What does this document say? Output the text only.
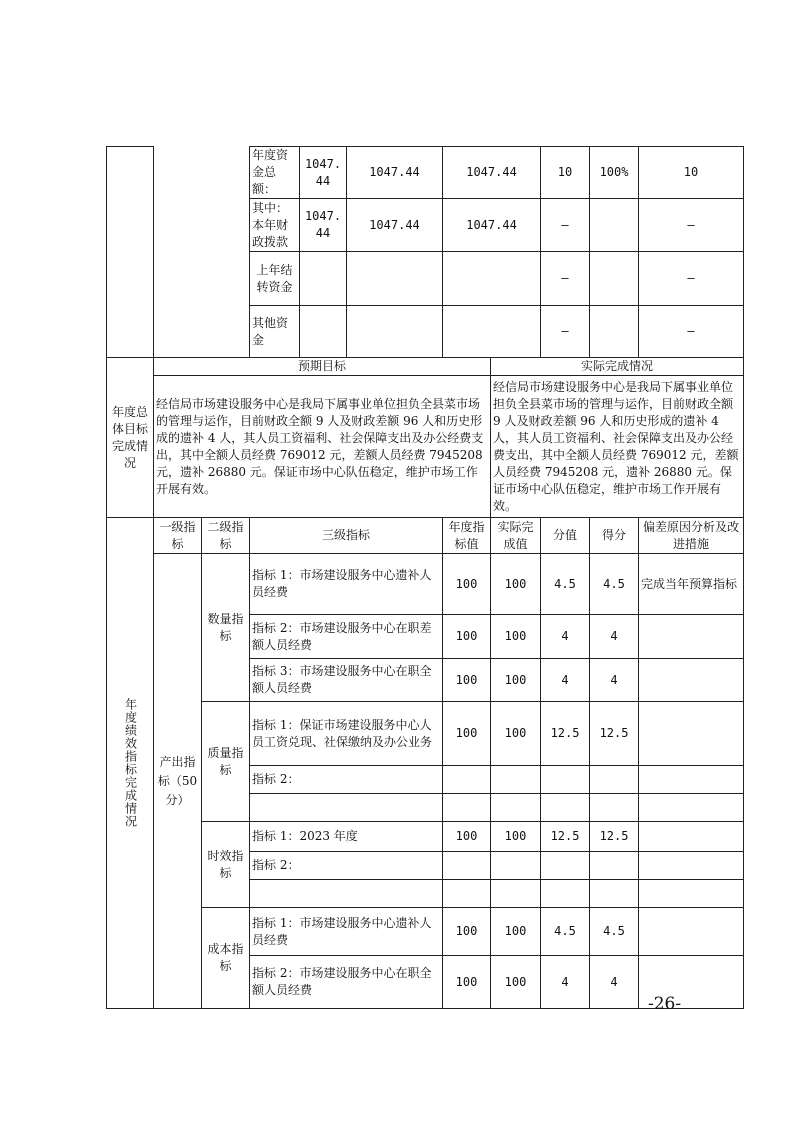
			年度资金总额：	1047.44	1047.44	1047.44		10	100%	10
			其中：本年财政拨款	1047.44	1047.44	1047.44		–		–
			上年结转资金					–		–
			其他资金					–		–
年度总体目标完成情况	预期目标						实际完成情况			
	经信局市场建设服务中心是我局下属事业单位担负全县菜市场的管理与运作，目前财政全额 9 人及财政差额 96 人和历史形成的遗补 4 人，其人员工资福利、社会保障支出及办公经费支出，其中全额人员经费 769012 元，差额人员经费 7945208 元，遗补 26880 元。保证市场中心队伍稳定，维护市场工作开展有效。						经信局市场建设服务中心是我局下属事业单位担负全县菜市场的管理与运作，目前财政全额 9 人及财政差额 96 人和历史形成的遗补 4 人，其人员工资福利、社会保障支出及办公经费支出，其中全额人员经费 769012 元，差额人员经费 7945208 元，遗补 26880 元。保证市场中心队伍稳定，维护市场工作开展有效。			

年度绩效指标完成情况	一级指标	二级指标	三级指标			年度指标值	实际完成值	分值	得分	偏差原因分析及改进措施

	产出指标（50 分）	数量指标	指标 1：市场建设服务中心遗补人员经费			100	100	4.5	4.5	完成当年预算指标
			指标 2：市场建设服务中心在职差额人员经费			100	100	4	4	
			指标 3：市场建设服务中心在职全额人员经费			100	100	4	4	
		质量指标	指标 1：保证市场建设服务中心人员工资兑现、社保缴纳及办公业务			100	100	12.5	12.5	
			指标 2：							

		时效指标	指标 1：2023 年度			100	100	12.5	12.5	
			指标 2：							

		成本指标	指标 1：市场建设服务中心遗补人员经费			100	100	4.5	4.5	
			指标 2：市场建设服务中心在职全额人员经费			100	100	4	4	
-26-
